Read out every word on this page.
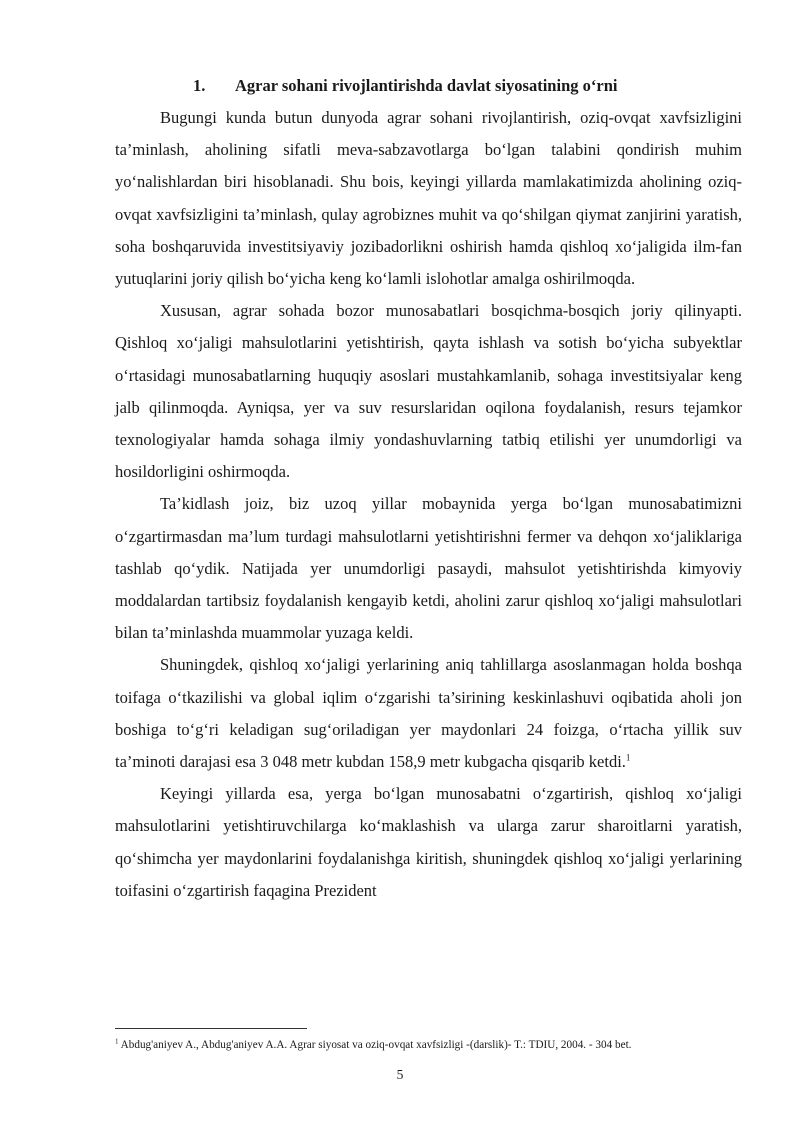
1. Agrar sohani rivojlantirishda davlat siyosatining o‘rni

Bugungi kunda butun dunyoda agrar sohani rivojlantirish, oziq-ovqat xavfsizligini ta’minlash, aholining sifatli meva-sabzavotlarga bo‘lgan talabini qondirish muhim yo‘nalishlardan biri hisoblanadi. Shu bois, keyingi yillarda mamlakatimizda aholining oziq-ovqat xavfsizligini ta’minlash, qulay agrobiznes muhit va qo‘shilgan qiymat zanjirini yaratish, soha boshqaruvida investitsiyaviy jozibadorlikni oshirish hamda qishloq xo‘jaligida ilm-fan yutuqlarini joriy qilish bo‘yicha keng ko‘lamli islohotlar amalga oshirilmoqda.

Xususan, agrar sohada bozor munosabatlari bosqichma-bosqich joriy qilinyapti. Qishloq xo‘jaligi mahsulotlarini yetishtirish, qayta ishlash va sotish bo‘yicha subyektlar o‘rtasidagi munosabatlarning huquqiy asoslari mustahkamlanib, sohaga investitsiyalar keng jalb qilinmoqda. Ayniqsa, yer va suv resurslaridan oqilona foydalanish, resurs tejamkor texnologiyalar hamda sohaga ilmiy yondashuvlarning tatbiq etilishi yer unumdorligi va hosildorligini oshirmoqda.

Ta’kidlash joiz, biz uzoq yillar mobaynida yerga bo‘lgan munosabatimizni o‘zgartirmasdan ma’lum turdagi mahsulotlarni yetishtirishni fermer va dehqon xo‘jaliklariga tashlab qo‘ydik. Natijada yer unumdorligi pasaydi, mahsulot yetishtirishda kimyoviy moddalardan tartibsiz foydalanish kengayib ketdi, aholini zarur qishloq xo‘jaligi mahsulotlari bilan ta’minlashda muammolar yuzaga keldi.

Shuningdek, qishloq xo‘jaligi yerlarining aniq tahlillarga asoslanmagan holda boshqa toifaga o‘tkazilishi va global iqlim o‘zgarishi ta’sirining keskinlashuvi oqibatida aholi jon boshiga to‘g‘ri keladigan sug‘oriladigan yer maydonlari 24 foizga, o‘rtacha yillik suv ta’minoti darajasi esa 3 048 metr kubdan 158,9 metr kubgacha qisqarib ketdi.$^1$

Keyingi yillarda esa, yerga bo‘lgan munosabatni o‘zgartirish, qishloq xo‘jaligi mahsulotlarini yetishtiruvchilarga ko‘maklashish va ularga zarur sharoitlarni yaratish, qo‘shimcha yer maydonlarini foydalanishga kiritish, shuningdek qishloq xo‘jaligi yerlarining toifasini o‘zgartirish faqagina Prezident

$^1$ Abdug'aniyev A., Abdug'aniyev A.A. Agrar siyosat va oziq-ovqat xavfsizligi -(darslik)- T.: TDIU, 2004. - 304 bet.
5
